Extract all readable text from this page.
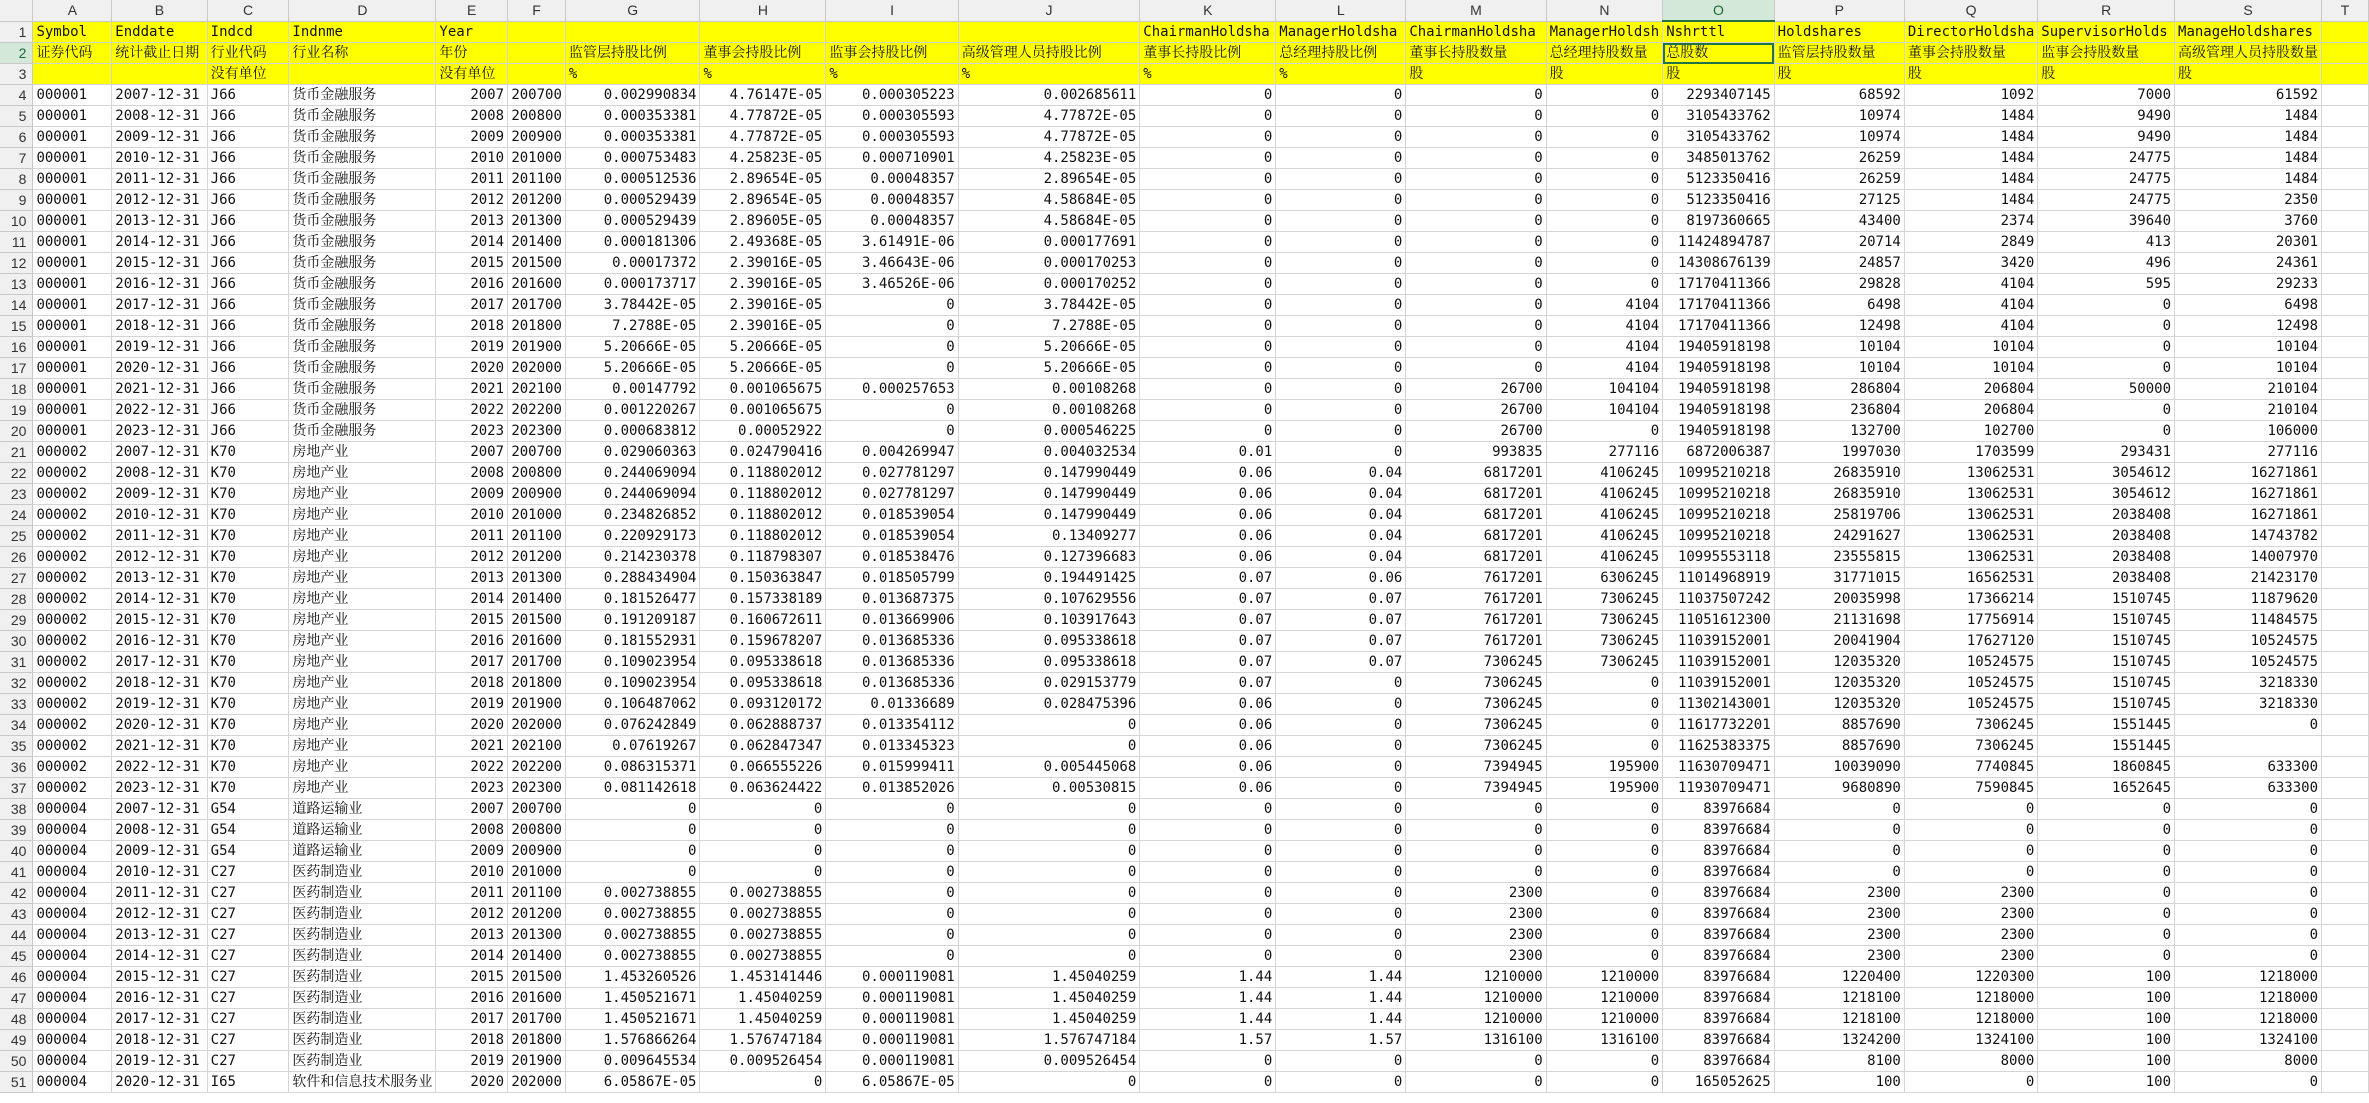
	A	B	C	D	E	F	G	H	I	J	K	L	M	N	O	P	Q	R	S	T
1	Symbol	Enddate	Indcd	Indnme	Year						ChairmanHoldsha	ManagerHoldsha	ChairmanHoldsha	ManagerHoldsh	Nshrttl	Holdshares	DirectorHoldsha	SupervisorHolds	ManageHoldshares	
2	证券代码	统计截止日期	行业代码	行业名称	年份		监管层持股比例	董事会持股比例	监事会持股比例	高级管理人员持股比例	董事长持股比例	总经理持股比例	董事长持股数量	总经理持股数量	总股数	监管层持股数量	董事会持股数量	监事会持股数量	高级管理人员持股数量	
3			没有单位		没有单位		%	%	%	%	%	%	股	股	股	股	股	股	股	
4	000001	2007-12-31	J66	货币金融服务	2007	200700	0.002990834	4.76147E-05	0.000305223	0.002685611	0	0	0	0	2293407145	68592	1092	7000	61592	
5	000001	2008-12-31	J66	货币金融服务	2008	200800	0.000353381	4.77872E-05	0.000305593	4.77872E-05	0	0	0	0	3105433762	10974	1484	9490	1484	
6	000001	2009-12-31	J66	货币金融服务	2009	200900	0.000353381	4.77872E-05	0.000305593	4.77872E-05	0	0	0	0	3105433762	10974	1484	9490	1484	
7	000001	2010-12-31	J66	货币金融服务	2010	201000	0.000753483	4.25823E-05	0.000710901	4.25823E-05	0	0	0	0	3485013762	26259	1484	24775	1484	
8	000001	2011-12-31	J66	货币金融服务	2011	201100	0.000512536	2.89654E-05	0.00048357	2.89654E-05	0	0	0	0	5123350416	26259	1484	24775	1484	
9	000001	2012-12-31	J66	货币金融服务	2012	201200	0.000529439	2.89654E-05	0.00048357	4.58684E-05	0	0	0	0	5123350416	27125	1484	24775	2350	
10	000001	2013-12-31	J66	货币金融服务	2013	201300	0.000529439	2.89605E-05	0.00048357	4.58684E-05	0	0	0	0	8197360665	43400	2374	39640	3760	
11	000001	2014-12-31	J66	货币金融服务	2014	201400	0.000181306	2.49368E-05	3.61491E-06	0.000177691	0	0	0	0	11424894787	20714	2849	413	20301	
12	000001	2015-12-31	J66	货币金融服务	2015	201500	0.00017372	2.39016E-05	3.46643E-06	0.000170253	0	0	0	0	14308676139	24857	3420	496	24361	
13	000001	2016-12-31	J66	货币金融服务	2016	201600	0.000173717	2.39016E-05	3.46526E-06	0.000170252	0	0	0	0	17170411366	29828	4104	595	29233	
14	000001	2017-12-31	J66	货币金融服务	2017	201700	3.78442E-05	2.39016E-05	0	3.78442E-05	0	0	0	4104	17170411366	6498	4104	0	6498	
15	000001	2018-12-31	J66	货币金融服务	2018	201800	7.2788E-05	2.39016E-05	0	7.2788E-05	0	0	0	4104	17170411366	12498	4104	0	12498	
16	000001	2019-12-31	J66	货币金融服务	2019	201900	5.20666E-05	5.20666E-05	0	5.20666E-05	0	0	0	4104	19405918198	10104	10104	0	10104	
17	000001	2020-12-31	J66	货币金融服务	2020	202000	5.20666E-05	5.20666E-05	0	5.20666E-05	0	0	0	4104	19405918198	10104	10104	0	10104	
18	000001	2021-12-31	J66	货币金融服务	2021	202100	0.00147792	0.001065675	0.000257653	0.00108268	0	0	26700	104104	19405918198	286804	206804	50000	210104	
19	000001	2022-12-31	J66	货币金融服务	2022	202200	0.001220267	0.001065675	0	0.00108268	0	0	26700	104104	19405918198	236804	206804	0	210104	
20	000001	2023-12-31	J66	货币金融服务	2023	202300	0.000683812	0.00052922	0	0.000546225	0	0	26700	0	19405918198	132700	102700	0	106000	
21	000002	2007-12-31	K70	房地产业	2007	200700	0.029060363	0.024790416	0.004269947	0.004032534	0.01	0	993835	277116	6872006387	1997030	1703599	293431	277116	
22	000002	2008-12-31	K70	房地产业	2008	200800	0.244069094	0.118802012	0.027781297	0.147990449	0.06	0.04	6817201	4106245	10995210218	26835910	13062531	3054612	16271861	
23	000002	2009-12-31	K70	房地产业	2009	200900	0.244069094	0.118802012	0.027781297	0.147990449	0.06	0.04	6817201	4106245	10995210218	26835910	13062531	3054612	16271861	
24	000002	2010-12-31	K70	房地产业	2010	201000	0.234826852	0.118802012	0.018539054	0.147990449	0.06	0.04	6817201	4106245	10995210218	25819706	13062531	2038408	16271861	
25	000002	2011-12-31	K70	房地产业	2011	201100	0.220929173	0.118802012	0.018539054	0.13409277	0.06	0.04	6817201	4106245	10995210218	24291627	13062531	2038408	14743782	
26	000002	2012-12-31	K70	房地产业	2012	201200	0.214230378	0.118798307	0.018538476	0.127396683	0.06	0.04	6817201	4106245	10995553118	23555815	13062531	2038408	14007970	
27	000002	2013-12-31	K70	房地产业	2013	201300	0.288434904	0.150363847	0.018505799	0.194491425	0.07	0.06	7617201	6306245	11014968919	31771015	16562531	2038408	21423170	
28	000002	2014-12-31	K70	房地产业	2014	201400	0.181526477	0.157338189	0.013687375	0.107629556	0.07	0.07	7617201	7306245	11037507242	20035998	17366214	1510745	11879620	
29	000002	2015-12-31	K70	房地产业	2015	201500	0.191209187	0.160672611	0.013669906	0.103917643	0.07	0.07	7617201	7306245	11051612300	21131698	17756914	1510745	11484575	
30	000002	2016-12-31	K70	房地产业	2016	201600	0.181552931	0.159678207	0.013685336	0.095338618	0.07	0.07	7617201	7306245	11039152001	20041904	17627120	1510745	10524575	
31	000002	2017-12-31	K70	房地产业	2017	201700	0.109023954	0.095338618	0.013685336	0.095338618	0.07	0.07	7306245	7306245	11039152001	12035320	10524575	1510745	10524575	
32	000002	2018-12-31	K70	房地产业	2018	201800	0.109023954	0.095338618	0.013685336	0.029153779	0.07	0	7306245	0	11039152001	12035320	10524575	1510745	3218330	
33	000002	2019-12-31	K70	房地产业	2019	201900	0.106487062	0.093120172	0.01336689	0.028475396	0.06	0	7306245	0	11302143001	12035320	10524575	1510745	3218330	
34	000002	2020-12-31	K70	房地产业	2020	202000	0.076242849	0.062888737	0.013354112	0	0.06	0	7306245	0	11617732201	8857690	7306245	1551445	0	
35	000002	2021-12-31	K70	房地产业	2021	202100	0.07619267	0.062847347	0.013345323	0	0.06	0	7306245	0	11625383375	8857690	7306245	1551445		
36	000002	2022-12-31	K70	房地产业	2022	202200	0.086315371	0.066555226	0.015999411	0.005445068	0.06	0	7394945	195900	11630709471	10039090	7740845	1860845	633300	
37	000002	2023-12-31	K70	房地产业	2023	202300	0.081142618	0.063624422	0.013852026	0.00530815	0.06	0	7394945	195900	11930709471	9680890	7590845	1652645	633300	
38	000004	2007-12-31	G54	道路运输业	2007	200700	0	0	0	0	0	0	0	0	83976684	0	0	0	0	
39	000004	2008-12-31	G54	道路运输业	2008	200800	0	0	0	0	0	0	0	0	83976684	0	0	0	0	
40	000004	2009-12-31	G54	道路运输业	2009	200900	0	0	0	0	0	0	0	0	83976684	0	0	0	0	
41	000004	2010-12-31	C27	医药制造业	2010	201000	0	0	0	0	0	0	0	0	83976684	0	0	0	0	
42	000004	2011-12-31	C27	医药制造业	2011	201100	0.002738855	0.002738855	0	0	0	0	2300	0	83976684	2300	2300	0	0	
43	000004	2012-12-31	C27	医药制造业	2012	201200	0.002738855	0.002738855	0	0	0	0	2300	0	83976684	2300	2300	0	0	
44	000004	2013-12-31	C27	医药制造业	2013	201300	0.002738855	0.002738855	0	0	0	0	2300	0	83976684	2300	2300	0	0	
45	000004	2014-12-31	C27	医药制造业	2014	201400	0.002738855	0.002738855	0	0	0	0	2300	0	83976684	2300	2300	0	0	
46	000004	2015-12-31	C27	医药制造业	2015	201500	1.453260526	1.453141446	0.000119081	1.45040259	1.44	1.44	1210000	1210000	83976684	1220400	1220300	100	1218000	
47	000004	2016-12-31	C27	医药制造业	2016	201600	1.450521671	1.45040259	0.000119081	1.45040259	1.44	1.44	1210000	1210000	83976684	1218100	1218000	100	1218000	
48	000004	2017-12-31	C27	医药制造业	2017	201700	1.450521671	1.45040259	0.000119081	1.45040259	1.44	1.44	1210000	1210000	83976684	1218100	1218000	100	1218000	
49	000004	2018-12-31	C27	医药制造业	2018	201800	1.576866264	1.576747184	0.000119081	1.576747184	1.57	1.57	1316100	1316100	83976684	1324200	1324100	100	1324100	
50	000004	2019-12-31	C27	医药制造业	2019	201900	0.009645534	0.009526454	0.000119081	0.009526454	0	0	0	0	83976684	8100	8000	100	8000	
51	000004	2020-12-31	I65	软件和信息技术服务业	2020	202000	6.05867E-05	0	6.05867E-05	0	0	0	0	0	165052625	100	0	100	0	
